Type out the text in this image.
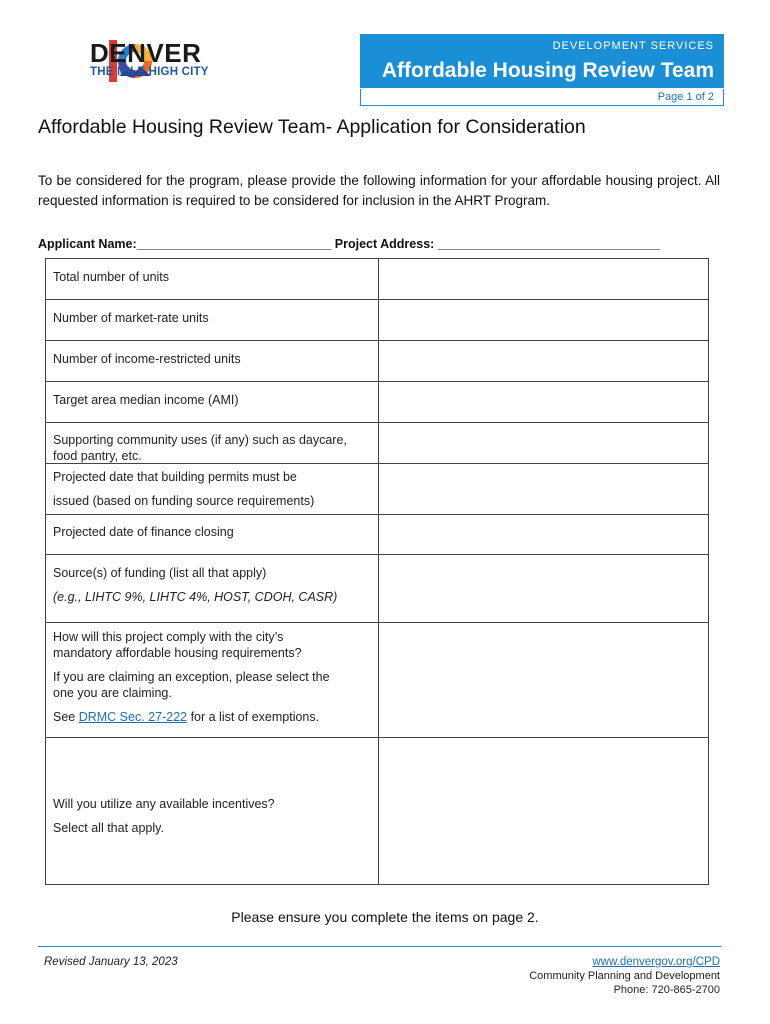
DENVER
THE MILE HIGH CITY
DEVELOPMENT SERVICES
Affordable Housing Review Team
Page 1 of 2
Affordable Housing Review Team- Application for Consideration
To be considered for the program, please provide the following information for your affordable housing project. All requested information is required to be considered for inclusion in the AHRT Program.
Applicant Name:____________________________ Project Address: ________________________________
Total number of units
Number of market-rate units
Number of income-restricted units
Target area median income (AMI)
Supporting community uses (if any) such as daycare, food pantry, etc.
Projected date that building permits must be
issued (based on funding source requirements)
Projected date of finance closing
Source(s) of funding (list all that apply)
(e.g., LIHTC 9%, LIHTC 4%, HOST, CDOH, CASR)
How will this project comply with the city’s mandatory affordable housing requirements?
If you are claiming an exception, please select the one you are claiming.
See DRMC Sec. 27-222 for a list of exemptions.
Will you utilize any available incentives?
Select all that apply.
Please ensure you complete the items on page 2.
Revised January 13, 2023	www.denvergov.org/CPD
Community Planning and Development
Phone: 720-865-2700
